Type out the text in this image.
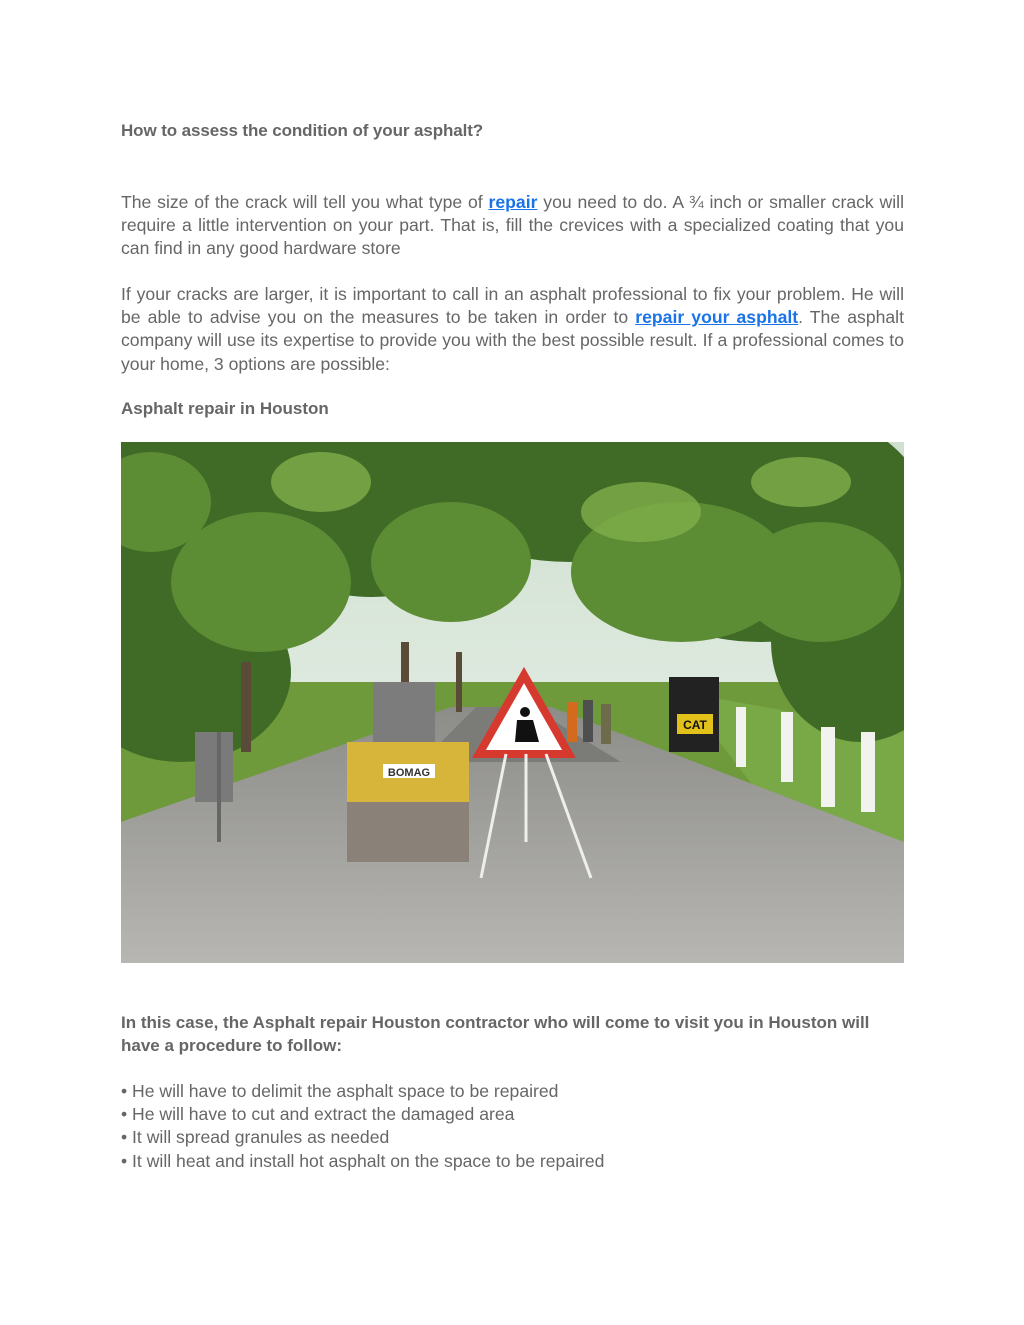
How to assess the condition of your asphalt?

The size of the crack will tell you what type of repair you need to do. A ¾ inch or smaller crack will require a little intervention on your part. That is, fill the crevices with a specialized coating that you can find in any good hardware store

If your cracks are larger, it is important to call in an asphalt professional to fix your problem. He will be able to advise you on the measures to be taken in order to repair your asphalt. The asphalt company will use its expertise to provide you with the best possible result. If a professional comes to your home, 3 options are possible:

Asphalt repair in Houston
BOMAG
CAT
In this case, the Asphalt repair Houston contractor who will come to visit you in Houston will have a procedure to follow:
• He will have to delimit the asphalt space to be repaired
• He will have to cut and extract the damaged area
• It will spread granules as needed
• It will heat and install hot asphalt on the space to be repaired
